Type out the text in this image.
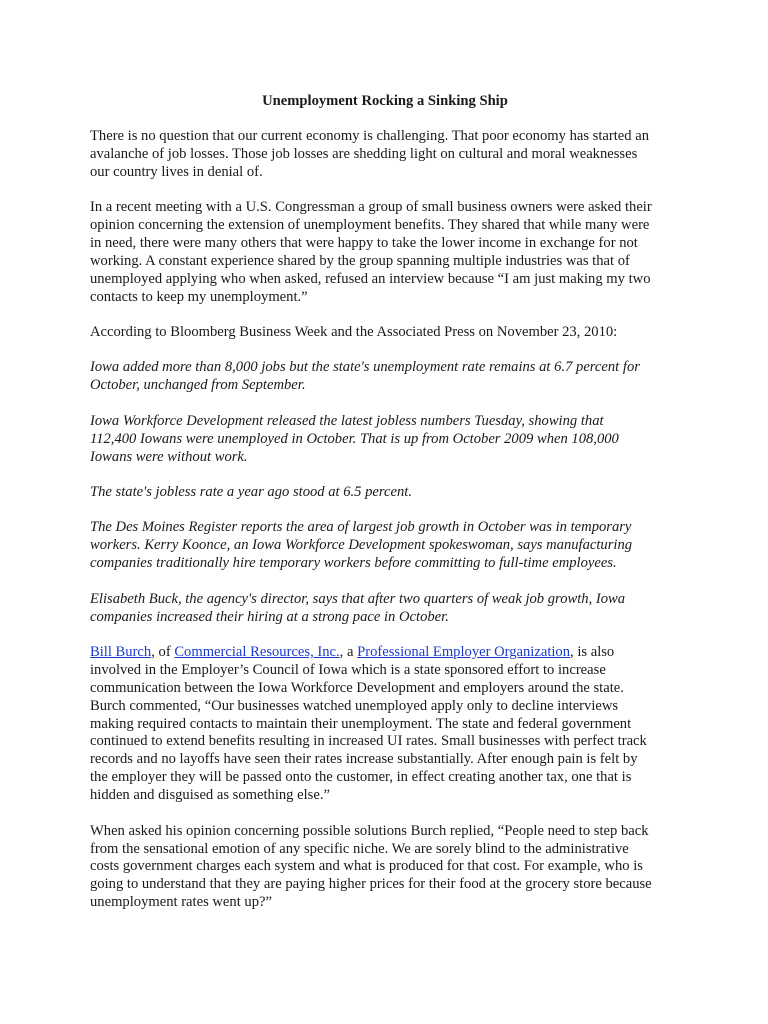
Unemployment Rocking a Sinking Ship
There is no question that our current economy is challenging. That poor economy has started an
avalanche of job losses. Those job losses are shedding light on cultural and moral weaknesses
our country lives in denial of.
In a recent meeting with a U.S. Congressman a group of small business owners were asked their
opinion concerning the extension of unemployment benefits. They shared that while many were
in need, there were many others that were happy to take the lower income in exchange for not
working. A constant experience shared by the group spanning multiple industries was that of
unemployed applying who when asked, refused an interview because “I am just making my two
contacts to keep my unemployment.”
According to Bloomberg Business Week and the Associated Press on November 23, 2010:
Iowa added more than 8,000 jobs but the state's unemployment rate remains at 6.7 percent for
October, unchanged from September.
Iowa Workforce Development released the latest jobless numbers Tuesday, showing that
112,400 Iowans were unemployed in October. That is up from October 2009 when 108,000
Iowans were without work.
The state's jobless rate a year ago stood at 6.5 percent.
The Des Moines Register reports the area of largest job growth in October was in temporary
workers. Kerry Koonce, an Iowa Workforce Development spokeswoman, says manufacturing
companies traditionally hire temporary workers before committing to full-time employees.
Elisabeth Buck, the agency's director, says that after two quarters of weak job growth, Iowa
companies increased their hiring at a strong pace in October.
Bill Burch, of Commercial Resources, Inc., a Professional Employer Organization, is also
involved in the Employer’s Council of Iowa which is a state sponsored effort to increase
communication between the Iowa Workforce Development and employers around the state.
Burch commented, “Our businesses watched unemployed apply only to decline interviews
making required contacts to maintain their unemployment. The state and federal government
continued to extend benefits resulting in increased UI rates. Small businesses with perfect track
records and no layoffs have seen their rates increase substantially. After enough pain is felt by
the employer they will be passed onto the customer, in effect creating another tax, one that is
hidden and disguised as something else.”
When asked his opinion concerning possible solutions Burch replied, “People need to step back
from the sensational emotion of any specific niche. We are sorely blind to the administrative
costs government charges each system and what is produced for that cost. For example, who is
going to understand that they are paying higher prices for their food at the grocery store because
unemployment rates went up?”
